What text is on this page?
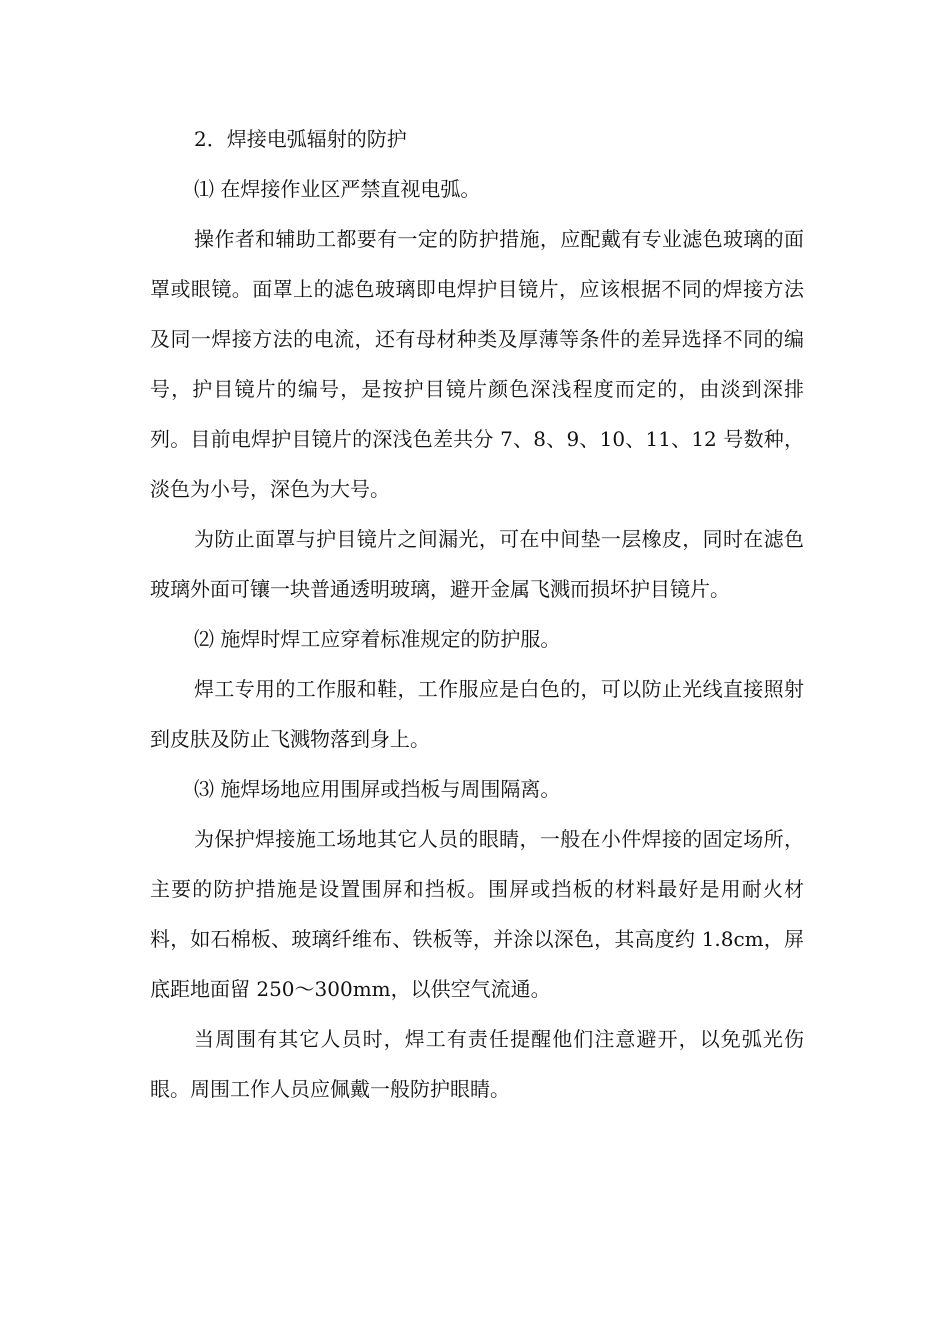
2．焊接电弧辐射的防护

⑴ 在焊接作业区严禁直视电弧。

操作者和辅助工都要有一定的防护措施，应配戴有专业滤色玻璃的面罩或眼镜。面罩上的滤色玻璃即电焊护目镜片，应该根据不同的焊接方法及同一焊接方法的电流，还有母材种类及厚薄等条件的差异选择不同的编号，护目镜片的编号，是按护目镜片颜色深浅程度而定的，由淡到深排列。目前电焊护目镜片的深浅色差共分 7、8、9、10、11、12 号数种，淡色为小号，深色为大号。

为防止面罩与护目镜片之间漏光，可在中间垫一层橡皮，同时在滤色玻璃外面可镶一块普通透明玻璃，避开金属飞溅而损坏护目镜片。

⑵ 施焊时焊工应穿着标准规定的防护服。

焊工专用的工作服和鞋，工作服应是白色的，可以防止光线直接照射到皮肤及防止飞溅物落到身上。

⑶ 施焊场地应用围屏或挡板与周围隔离。

为保护焊接施工场地其它人员的眼睛，一般在小件焊接的固定场所，主要的防护措施是设置围屏和挡板。围屏或挡板的材料最好是用耐火材料，如石棉板、玻璃纤维布、铁板等，并涂以深色，其高度约 1.8cm，屏底距地面留 250～300mm，以供空气流通。

当周围有其它人员时，焊工有责任提醒他们注意避开，以免弧光伤眼。周围工作人员应佩戴一般防护眼睛。
